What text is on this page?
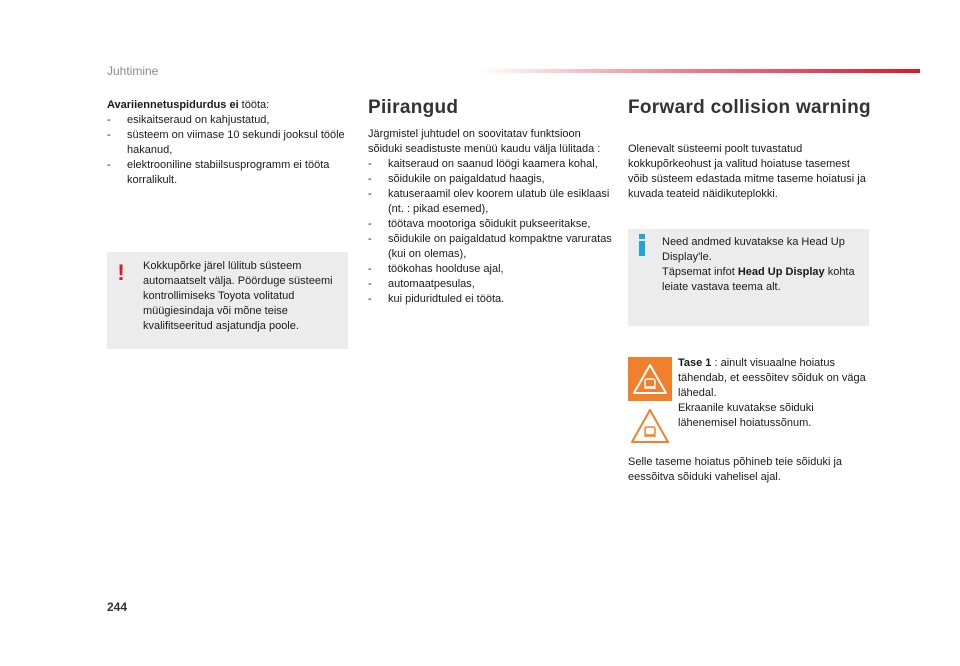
Juhtimine

Avariiennetuspidurdus ei tööta:

- esikaitseraud on kahjustatud,
- süsteem on viimase 10 sekundi jooksul tööle hakanud,
- elektrooniline stabiilsusprogramm ei tööta korralikult.
! Kokkupõrke järel lülitub süsteem automaatselt välja. Pöörduge süsteemi kontrollimiseks Toyota volitatud müügiesindaja või mõne teise kvalifitseeritud asjatundja poole.
Piirangud

Järgmistel juhtudel on soovitatav funktsioon sõiduki seadistuste menüü kaudu välja lülitada :

- kaitseraud on saanud löögi kaamera kohal,
- sõidukile on paigaldatud haagis,
- katuseraamil olev koorem ulatub üle esiklaasi (nt. : pikad esemed),
- töötava mootoriga sõidukit pukseeritakse,
- sõidukile on paigaldatud kompaktne varuratas (kui on olemas),
- töökohas hoolduse ajal,
- automaatpesulas,
- kui piduridtuled ei tööta.
Forward collision warning
Olenevalt süsteemi poolt tuvastatud kokkupõrkeohust ja valitud hoiatuse tasemest võib süsteem edastada mitme taseme hoiatusi ja kuvada teateid näidikuteplokki.

Need andmed kuvatakse ka Head Up Display'le.

Täpsemat infot Head Up Display kohta leiate vastava teema alt.

Tase 1 : ainult visuaalne hoiatus tähendab, et eessõitev sõiduk on väga lähedal.

Ekraanile kuvatakse sõiduki lähenemisel hoiatussõnum.

Selle taseme hoiatus põhineb teie sõiduki ja eessõitva sõiduki vahelisel ajal.
244
